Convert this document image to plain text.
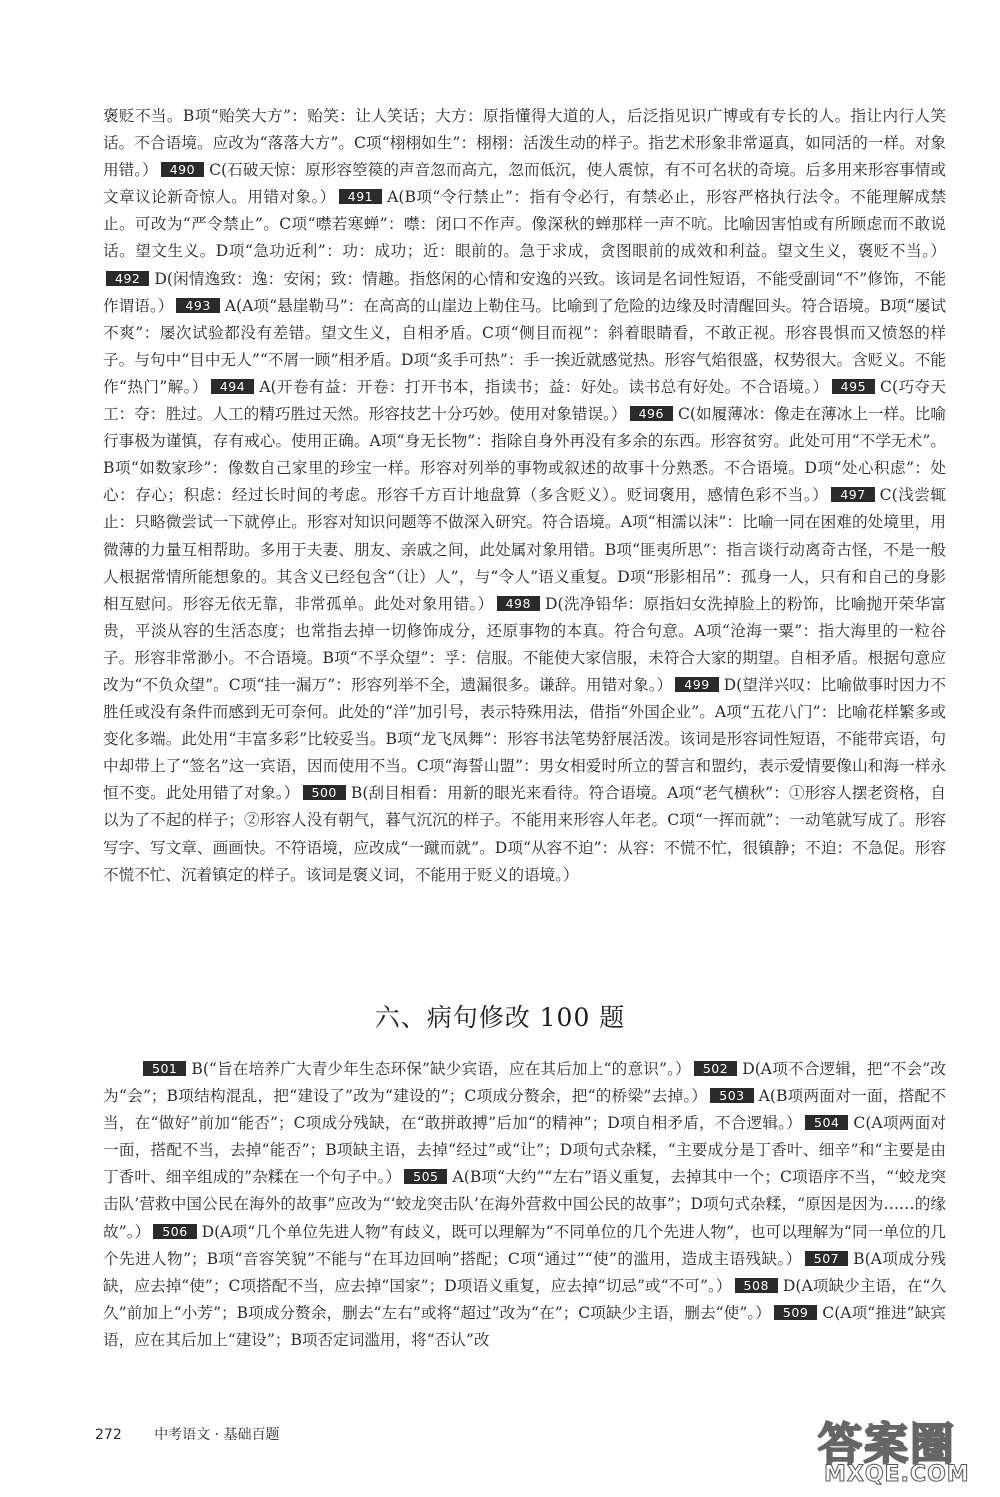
褒贬不当。B项“贻笑大方”：贻笑：让人笑话；大方：原指懂得大道的人，后泛指见识广博或有专长的人。指让内行人笑话。不合语境。应改为“落落大方”。C项“栩栩如生”：栩栩：活泼生动的样子。指艺术形象非常逼真，如同活的一样。对象用错。） 490 C(石破天惊：原形容箜篌的声音忽而高亢，忽而低沉，使人震惊，有不可名状的奇境。后多用来形容事情或文章议论新奇惊人。用错对象。） 491 A(B项“令行禁止”：指有令必行，有禁必止，形容严格执行法令。不能理解成禁止。可改为“严令禁止”。C项“噤若寒蝉”：噤：闭口不作声。像深秋的蝉那样一声不吭。比喻因害怕或有所顾虑而不敢说话。望文生义。D项“急功近利”：功：成功；近：眼前的。急于求成，贪图眼前的成效和利益。望文生义，褒贬不当。）492 D(闲情逸致：逸：安闲；致：情趣。指悠闲的心情和安逸的兴致。该词是名词性短语，不能受副词“不”修饰，不能作谓语。） 493 A(A项“悬崖勒马”：在高高的山崖边上勒住马。比喻到了危险的边缘及时清醒回头。符合语境。B项“屡试不爽”：屡次试验都没有差错。望文生义，自相矛盾。C项“侧目而视”：斜着眼睛看，不敢正视。形容畏惧而又愤怒的样子。与句中“目中无人”“不屑一顾”相矛盾。D项“炙手可热”：手一挨近就感觉热。形容气焰很盛，权势很大。含贬义。不能作“热门”解。） 494 A(开卷有益：开卷：打开书本，指读书；益：好处。读书总有好处。不合语境。） 495 C(巧夺天工：夺：胜过。人工的精巧胜过天然。形容技艺十分巧妙。使用对象错误。） 496 C(如履薄冰：像走在薄冰上一样。比喻行事极为谨慎，存有戒心。使用正确。A项“身无长物”：指除自身外再没有多余的东西。形容贫穷。此处可用“不学无术”。B项“如数家珍”：像数自己家里的珍宝一样。形容对列举的事物或叙述的故事十分熟悉。不合语境。D项“处心积虑”：处心：存心；积虑：经过长时间的考虑。形容千方百计地盘算（多含贬义）。贬词褒用，感情色彩不当。） 497 C(浅尝辄止：只略微尝试一下就停止。形容对知识问题等不做深入研究。符合语境。A项“相濡以沫”：比喻一同在困难的处境里，用微薄的力量互相帮助。多用于夫妻、朋友、亲戚之间，此处属对象用错。B项“匪夷所思”：指言谈行动离奇古怪，不是一般人根据常情所能想象的。其含义已经包含“（让）人”，与“令人”语义重复。D项“形影相吊”：孤身一人，只有和自己的身影相互慰问。形容无依无靠，非常孤单。此处对象用错。） 498 D(洗净铅华：原指妇女洗掉脸上的粉饰，比喻抛开荣华富贵，平淡从容的生活态度；也常指去掉一切修饰成分，还原事物的本真。符合句意。A项“沧海一粟”：指大海里的一粒谷子。形容非常渺小。不合语境。B项“不孚众望”：孚：信服。不能使大家信服，未符合大家的期望。自相矛盾。根据句意应改为“不负众望”。C项“挂一漏万”：形容列举不全，遗漏很多。谦辞。用错对象。） 499 D(望洋兴叹：比喻做事时因力不胜任或没有条件而感到无可奈何。此处的“洋”加引号，表示特殊用法，借指“外国企业”。A项“五花八门”：比喻花样繁多或变化多端。此处用“丰富多彩”比较妥当。B项“龙飞凤舞”：形容书法笔势舒展活泼。该词是形容词性短语，不能带宾语，句中却带上了“签名”这一宾语，因而使用不当。C项“海誓山盟”：男女相爱时所立的誓言和盟约，表示爱情要像山和海一样永恒不变。此处用错了对象。） 500 B(刮目相看：用新的眼光来看待。符合语境。A项“老气横秋”：①形容人摆老资格，自以为了不起的样子；②形容人没有朝气，暮气沉沉的样子。不能用来形容人年老。C项“一挥而就”：一动笔就写成了。形容写字、写文章、画画快。不符语境，应改成“一蹴而就”。D项“从容不迫”：从容：不慌不忙，很镇静；不迫：不急促。形容不慌不忙、沉着镇定的样子。该词是褒义词，不能用于贬义的语境。）
六、病句修改 100 题
501 B(“旨在培养广大青少年生态环保”缺少宾语，应在其后加上“的意识”。） 502 D(A项不合逻辑，把“不会”改为“会”；B项结构混乱，把“建设了”改为“建设的”；C项成分赘余，把“的桥梁”去掉。） 503 A(B项两面对一面，搭配不当，在“做好”前加“能否”；C项成分残缺，在“敢拼敢搏”后加“的精神”；D项自相矛盾，不合逻辑。） 504 C(A项两面对一面，搭配不当，去掉“能否”；B项缺主语，去掉“经过”或“让”；D项句式杂糅，“主要成分是丁香叶、细辛”和“主要是由丁香叶、细辛组成的”杂糅在一个句子中。） 505 A(B项“大约”“左右”语义重复，去掉其中一个；C项语序不当，“‘蛟龙突击队’营救中国公民在海外的故事”应改为“‘蛟龙突击队’在海外营救中国公民的故事”；D项句式杂糅，“原因是因为……的缘故”。） 506 D(A项“几个单位先进人物”有歧义，既可以理解为“不同单位的几个先进人物”，也可以理解为“同一单位的几个先进人物”；B项“音容笑貌”不能与“在耳边回响”搭配；C项“通过”“使”的滥用，造成主语残缺。） 507 B(A项成分残缺，应去掉“使”；C项搭配不当，应去掉“国家”；D项语义重复，应去掉“切忌”或“不可”。） 508 D(A项缺少主语，在“久久”前加上“小芳”；B项成分赘余，删去“左右”或将“超过”改为“在”；C项缺少主语，删去“使”。） 509 C(A项“推进”缺宾语，应在其后加上“建设”；B项否定词滥用，将“否认”改
272 中考语文 · 基础百题	答案圈
MXQE.COM
